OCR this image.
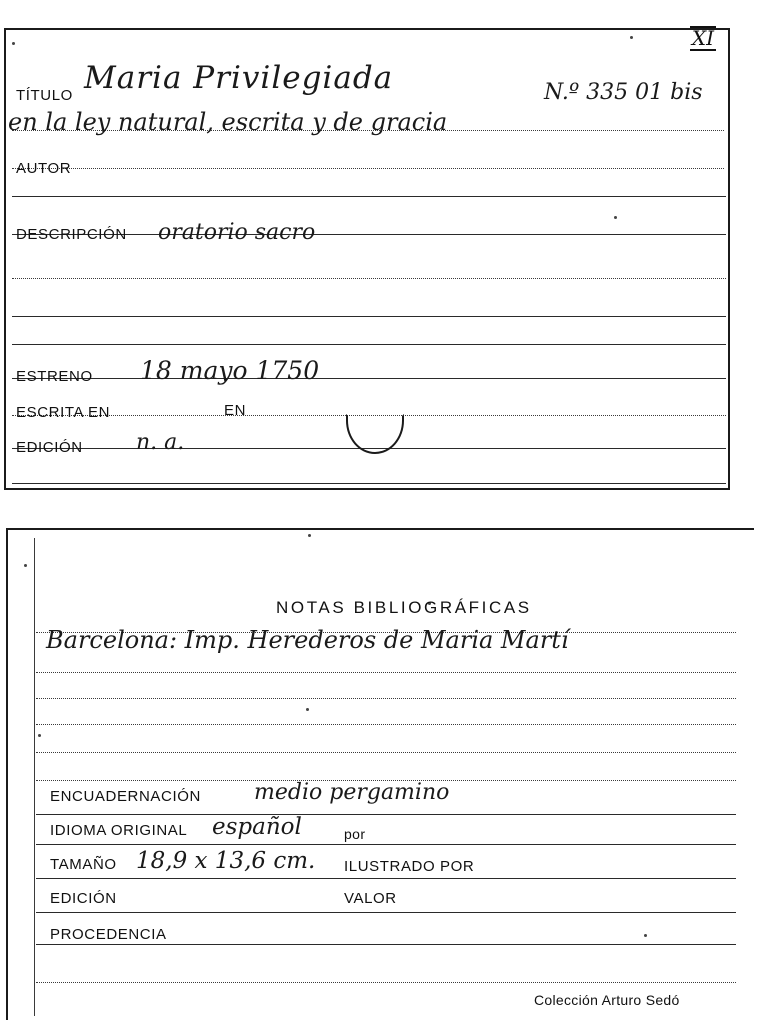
XI
TÍTULO Maria Privilegiada	N.º 335 01 bis
en la ley natural, escrita y de gracia
AUTOR
DESCRIPCIÓN oratorio sacro
ESTRENO 18 mayo 1750
ESCRITA EN	EN
EDICIÓN n. a.
NOTAS BIBLIOGRÁFICAS
Barcelona: Imp. Herederos de Maria Martí
ENCUADERNACIÓN medio pergamino
IDIOMA ORIGINAL español	por
TAMAÑO 18,9 x 13,6 cm. ILUSTRADO POR
EDICIÓN	VALOR
PROCEDENCIA
Colección Arturo Sedó
